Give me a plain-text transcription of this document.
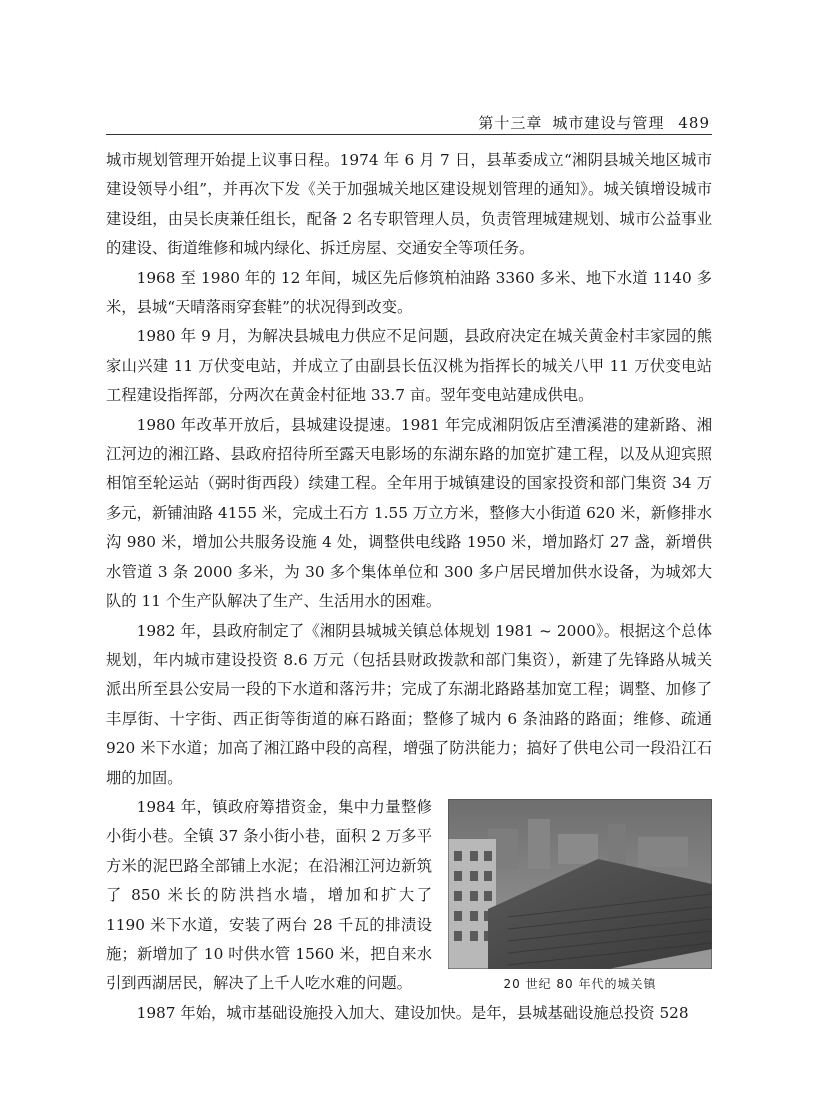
第十三章 城市建设与管理 489

城市规划管理开始提上议事日程。1974 年 6 月 7 日，县革委成立“湘阴县城关地区城市建设领导小组”，并再次下发《关于加强城关地区建设规划管理的通知》。城关镇增设城市建设组，由吴长庚兼任组长，配备 2 名专职管理人员，负责管理城建规划、城市公益事业的建设、街道维修和城内绿化、拆迁房屋、交通安全等项任务。

1968 至 1980 年的 12 年间，城区先后修筑柏油路 3360 多米、地下水道 1140 多米，县城“天晴落雨穿套鞋”的状况得到改变。

1980 年 9 月，为解决县城电力供应不足问题，县政府决定在城关黄金村丰家园的熊家山兴建 11 万伏变电站，并成立了由副县长伍汉桃为指挥长的城关八甲 11 万伏变电站工程建设指挥部，分两次在黄金村征地 33.7 亩。翌年变电站建成供电。

1980 年改革开放后，县城建设提速。1981 年完成湘阴饭店至漕溪港的建新路、湘江河边的湘江路、县政府招待所至露天电影场的东湖东路的加宽扩建工程，以及从迎宾照相馆至轮运站（弼时街西段）续建工程。全年用于城镇建设的国家投资和部门集资 34 万多元，新铺油路 4155 米，完成土石方 1.55 万立方米，整修大小街道 620 米，新修排水沟 980 米，增加公共服务设施 4 处，调整供电线路 1950 米，增加路灯 27 盏，新增供水管道 3 条 2000 多米，为 30 多个集体单位和 300 多户居民增加供水设备，为城郊大队的 11 个生产队解决了生产、生活用水的困难。

1982 年，县政府制定了《湘阴县城城关镇总体规划 1981 ~ 2000》。根据这个总体规划，年内城市建设投资 8.6 万元（包括县财政拨款和部门集资），新建了先锋路从城关派出所至县公安局一段的下水道和落污井；完成了东湖北路路基加宽工程；调整、加修了丰厚街、十字街、西正街等街道的麻石路面；整修了城内 6 条油路的路面；维修、疏通 920 米下水道；加高了湘江路中段的高程，增强了防洪能力；搞好了供电公司一段沿江石堋的加固。

20 世纪 80 年代的城关镇

1984 年，镇政府筹措资金，集中力量整修小街小巷。全镇 37 条小街小巷，面积 2 万多平方米的泥巴路全部铺上水泥；在沿湘江河边新筑了 850 米长的防洪挡水墙，增加和扩大了 1190 米下水道，安装了两台 28 千瓦的排渍设施；新增加了 10 吋供水管 1560 米，把自来水引到西湖居民，解决了上千人吃水难的问题。

1987 年始，城市基础设施投入加大、建设加快。是年，县城基础设施总投资 528
